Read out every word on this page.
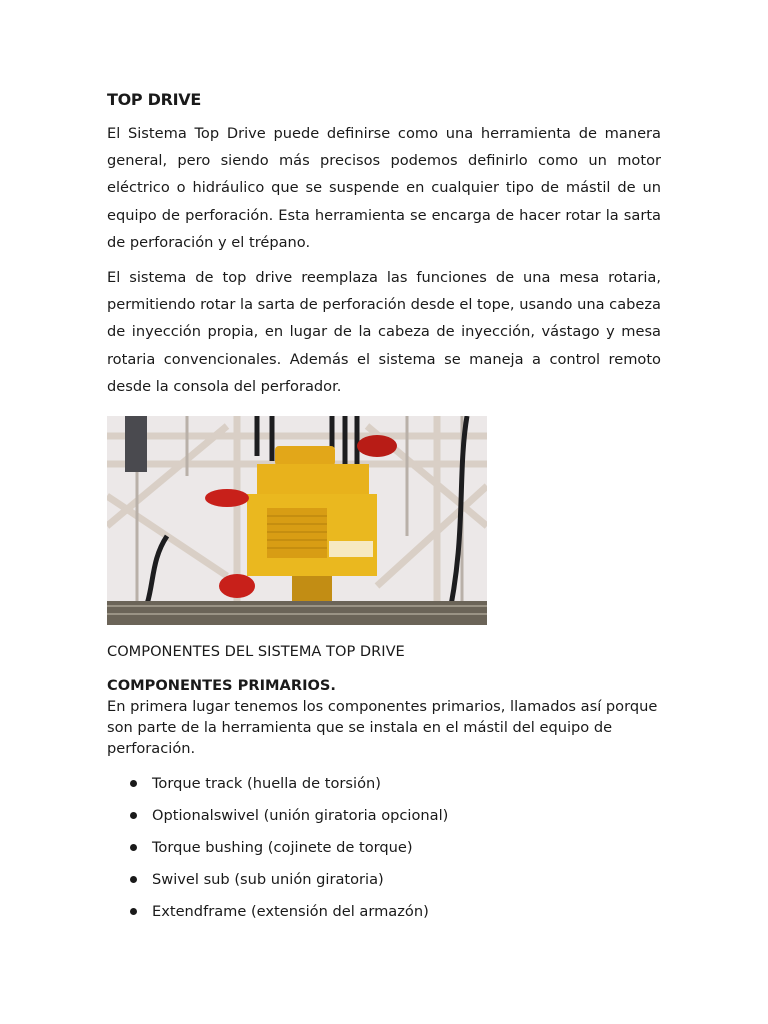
TOP DRIVE

El Sistema Top Drive puede definirse como una herramienta de manera general, pero siendo más precisos podemos definirlo como un motor eléctrico o hidráulico que se suspende en cualquier tipo de mástil de un equipo de perforación. Esta herramienta se encarga de hacer rotar la sarta de perforación y el trépano.

El sistema de top drive reemplaza las funciones de una mesa rotaria, permitiendo rotar la sarta de perforación desde el tope, usando una cabeza de inyección propia, en lugar de la cabeza de inyección, vástago y mesa rotaria convencionales. Además el sistema se maneja a control remoto desde la consola del perforador.

COMPONENTES DEL SISTEMA TOP DRIVE
COMPONENTES PRIMARIOS.

En primera lugar tenemos los componentes primarios, llamados así porque son parte de la herramienta que se instala en el mástil del equipo de perforación.

Torque track (huella de torsión)
Optionalswivel (unión giratoria opcional)
Torque bushing (cojinete de torque)
Swivel sub (sub unión giratoria)
Extendframe (extensión del armazón)
